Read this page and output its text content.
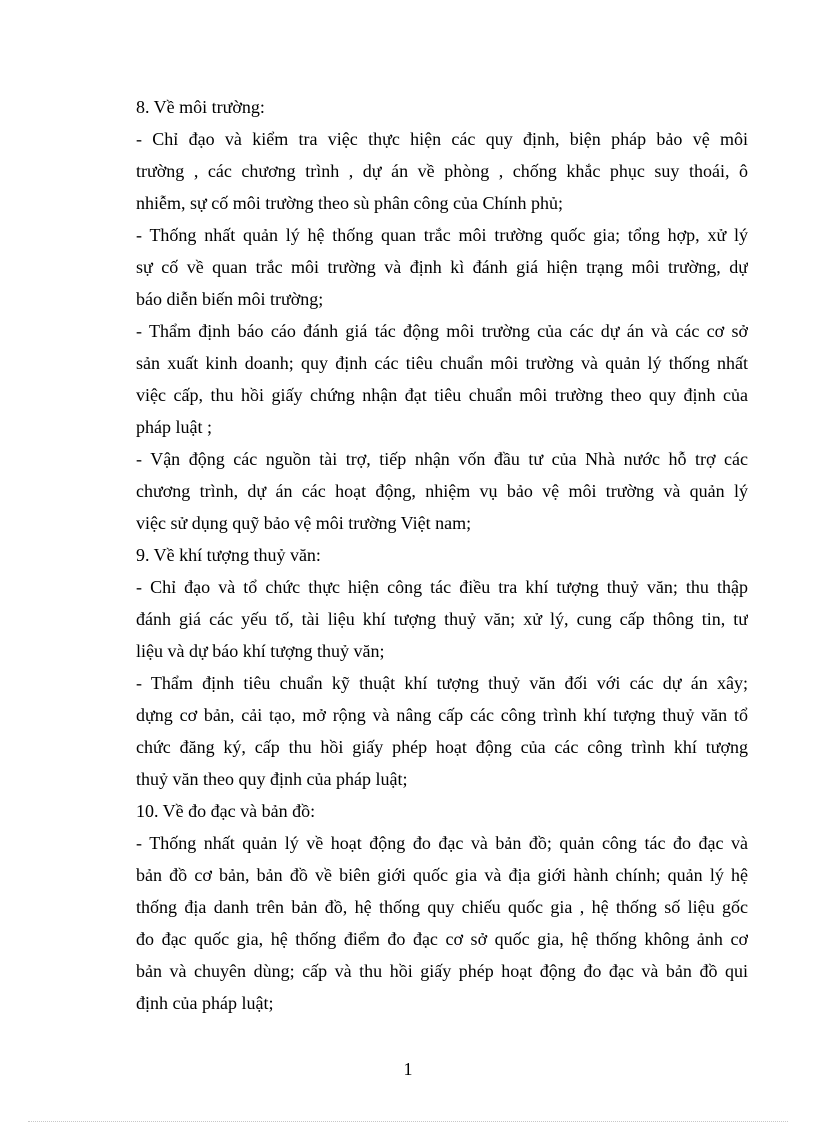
8. Về môi trường:
- Chỉ đạo và kiểm tra việc thực hiện các quy định, biện pháp bảo vệ môi
trường , các chương trình , dự án về phòng , chống khắc phục suy thoái, ô
nhiễm, sự cố môi trường theo sù phân công của Chính phủ;
- Thống nhất quản lý hệ thống quan trắc môi trường quốc gia; tổng hợp, xử lý
sự cố về quan trắc môi trường và định kì đánh giá hiện trạng môi trường, dự
báo diễn biến môi trường;
- Thẩm định báo cáo đánh giá tác động môi trường của các dự án và các cơ sở
sản xuất kinh doanh; quy định các tiêu chuẩn môi trường và quản lý thống nhất
việc cấp, thu hồi giấy chứng nhận đạt tiêu chuẩn môi trường theo quy định của
pháp luật ;
- Vận động các nguồn tài trợ, tiếp nhận vốn đầu tư của Nhà nước hỗ trợ các
chương trình, dự án các hoạt động, nhiệm vụ bảo vệ môi trường và quản lý
việc sử dụng quỹ bảo vệ môi trường Việt nam;
9. Về khí tượng thuỷ văn:
- Chỉ đạo và tổ chức thực hiện công tác điều tra khí tượng thuỷ văn; thu thập
đánh giá các yếu tố, tài liệu khí tượng thuỷ văn; xử lý, cung cấp thông tin, tư
liệu và dự báo khí tượng thuỷ văn;
- Thẩm định tiêu chuẩn kỹ thuật khí tượng thuỷ văn đối với các dự án xây;
dựng cơ bản, cải tạo, mở rộng và nâng cấp các công trình khí tượng thuỷ văn tổ
chức đăng ký, cấp thu hồi giấy phép hoạt động của các công trình khí tượng
thuỷ văn theo quy định của pháp luật;
10. Về đo đạc và bản đồ:
- Thống nhất quản lý về hoạt động đo đạc và bản đồ; quản công tác đo đạc và
bản đồ cơ bản, bản đồ về biên giới quốc gia và địa giới hành chính; quản lý hệ
thống địa danh trên bản đồ, hệ thống quy chiếu quốc gia , hệ thống số liệu gốc
đo đạc quốc gia, hệ thống điểm đo đạc cơ sở quốc gia, hệ thống không ảnh cơ
bản và chuyên dùng; cấp và thu hồi giấy phép hoạt động đo đạc và bản đồ qui
định của pháp luật;
1
